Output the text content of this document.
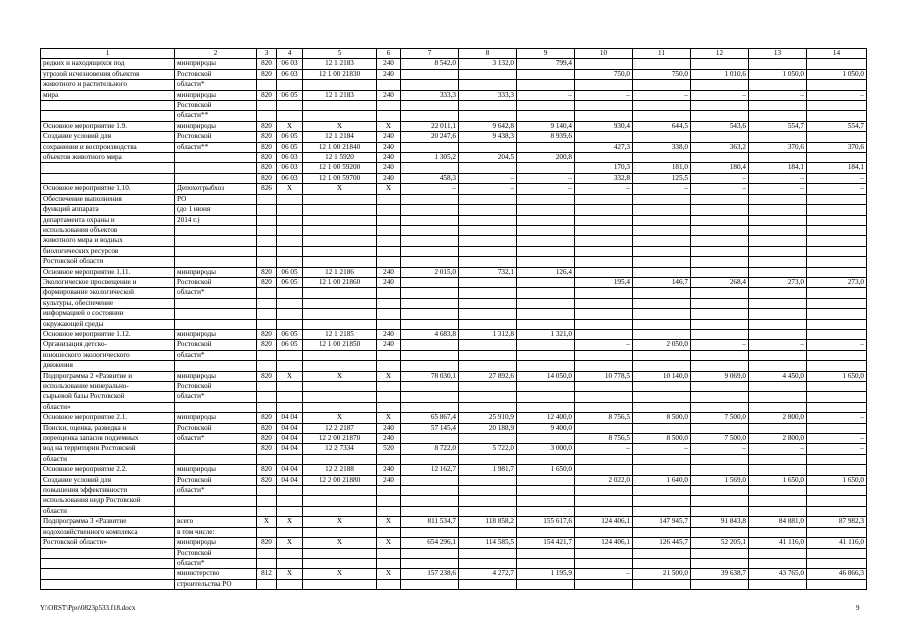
1	2	3	4	5	6	7	8	9	10	11	12	13	14
редких и находящихся под	минприроды	820	06 03	12 1 2183	240	8 542,0	3 132,0	799,4					
угрозой исчезновения объектов	Ростовской	820	06 03	12 1 00 21830	240				750,0	750,0	1 010,6	1 050,0	1 050,0
животного и растительного	области*												
мира	минприроды	820	06 05	12 1 2183	240	333,3	333,3	–	–	–	–	–	–
	Ростовской												
	области**												
Основное мероприятие 1.9.	минприроды	820	X	X	X	22 011,1	9 642,8	9 140,4	930,4	644,5	543,6	554,7	554,7
Создание условий для	Ростовской	820	06 05	12 1 2184	240	20 247,6	9 438,3	8 939,6					
сохранения и воспроизводства	области**	820	06 05	12 1 00 21840	240				427,3	338,0	363,2	370,6	370,6
объектов животного мира		820	06 03	12 1 5920	240	1 305,2	204,5	200,8					
		820	06 03	12 1 00 59200	240				170,3	181,0	180,4	184,1	184,1
		820	06 03	12 1 00 59700	240	458,3	–	–	332,8	125,5	–	–	–
Основное мероприятие 1.10.	Депохотрыбхоз	826	X	X	X	–	–	–	–	–	–	–	–
Обеспечение выполнения	РО												
функций аппарата	(до 1 июня												
департамента охраны и	2014 г.)												
использования объектов													
животного мира и водных													
биологических ресурсов													
Ростовской области													
Основное мероприятие 1.11.	минприроды	820	06 05	12 1 2186	240	2 015,0	732,1	126,4					
Экологическое просвещение и	Ростовской	820	06 05	12 1 00 21860	240				195,4	146,7	268,4	273,0	273,0
формирование экологической	области*												
культуры, обеспечение													
информацией о состоянии													
окружающей среды													
Основное мероприятие 1.12.	минприроды	820	06 05	12 1 2185	240	4 683,8	1 312,8	1 321,0					
Организация детско-	Ростовской	820	06 05	12 1 00 21850	240				–	2 050,0	–	–	–
юношеского экологического	области*												
движения													
Подпрограмма 2 «Развитие и	минприроды	820	X	X	X	78 030,1	27 892,6	14 050,0	10 778,5	10 140,0	9 069,0	4 450,0	1 650,0
использование минерально-	Ростовской												
сырьевой базы Ростовской	области*												
области»													
Основное мероприятие 2.1.	минприроды	820	04 04	X	X	65 867,4	25 910,9	12 400,0	8 756,5	8 500,0	7 500,0	2 800,0	–
Поиски, оценка, разведка и	Ростовской	820	04 04	12 2 2187	240	57 145,4	20 188,9	9 400,0					
переоценка запасов подземных	области*	820	04 04	12 2 00 21870	240				8 756,5	8 500,0	7 500,0	2 800,0	–
вод на территории Ростовской		820	04 04	12 2 7334	520	8 722,0	5 722,0	3 000,0	–	–	–	–	–
области													
Основное мероприятие 2.2.	минприроды	820	04 04	12 2 2188	240	12 162,7	1 981,7	1 650,0					
Создание условий для	Ростовской	820	04 04	12 2 00 21880	240				2 022,0	1 640,0	1 569,0	1 650,0	1 650,0
повышения эффективности	области*												
использования недр Ростовской													
области													
Подпрограмма 3 «Развитие	всего	X	X	X	X	811 534,7	118 858,2	155 617,6	124 406,1	147 945,7	91 843,8	84 881,0	87 982,3
водохозяйственного комплекса	в том числе:												
Ростовской области»	минприроды	820	X	X	X	654 296,1	114 585,5	154 421,7	124 406,1	126 445,7	52 205,1	41 116,0	41 116,0
	Ростовской												
	области*												
	министерство	812	X	X	X	157 238,6	4 272,7	1 195,9	–	21 500,0	39 638,7	43 765,0	46 866,3
	строительства РО												
Y:\ORST\Ppo\0823p533.f18.docx	9
